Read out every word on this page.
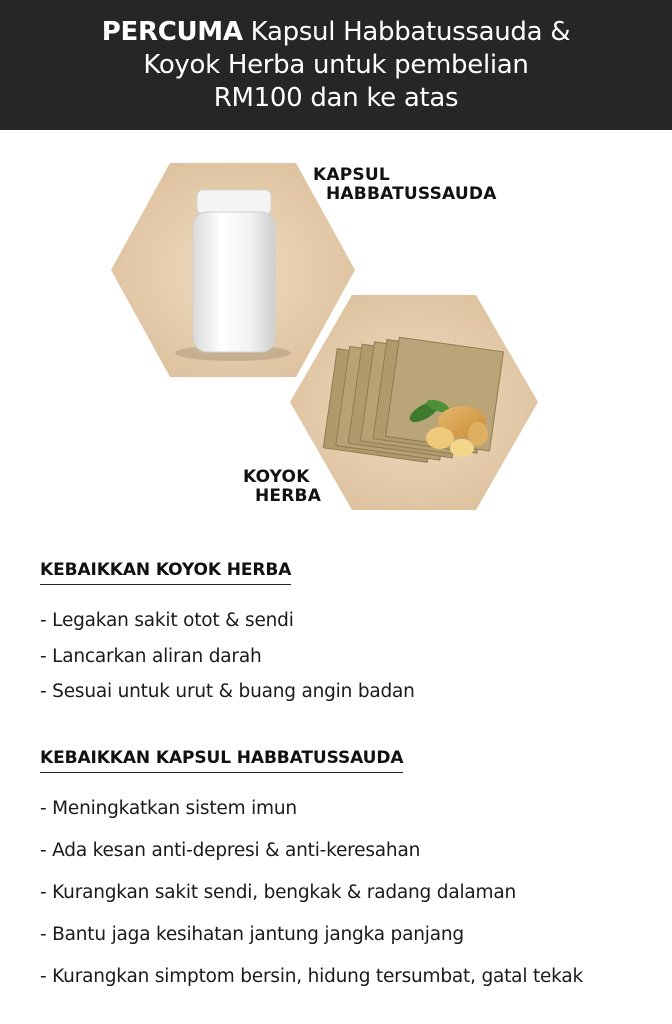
PERCUMA Kapsul Habbatussauda &
Koyok Herba untuk pembelian
RM100 dan ke atas
KAPSUL
HABBATUSSAUDA
KOYOK
HERBA
KEBAIKKAN KOYOK HERBA
- Legakan sakit otot & sendi
- Lancarkan aliran darah
- Sesuai untuk urut & buang angin badan
KEBAIKKAN KAPSUL HABBATUSSAUDA
- Meningkatkan sistem imun
- Ada kesan anti-depresi & anti-keresahan
- Kurangkan sakit sendi, bengkak & radang dalaman
- Bantu jaga kesihatan jantung jangka panjang
- Kurangkan simptom bersin, hidung tersumbat, gatal tekak
